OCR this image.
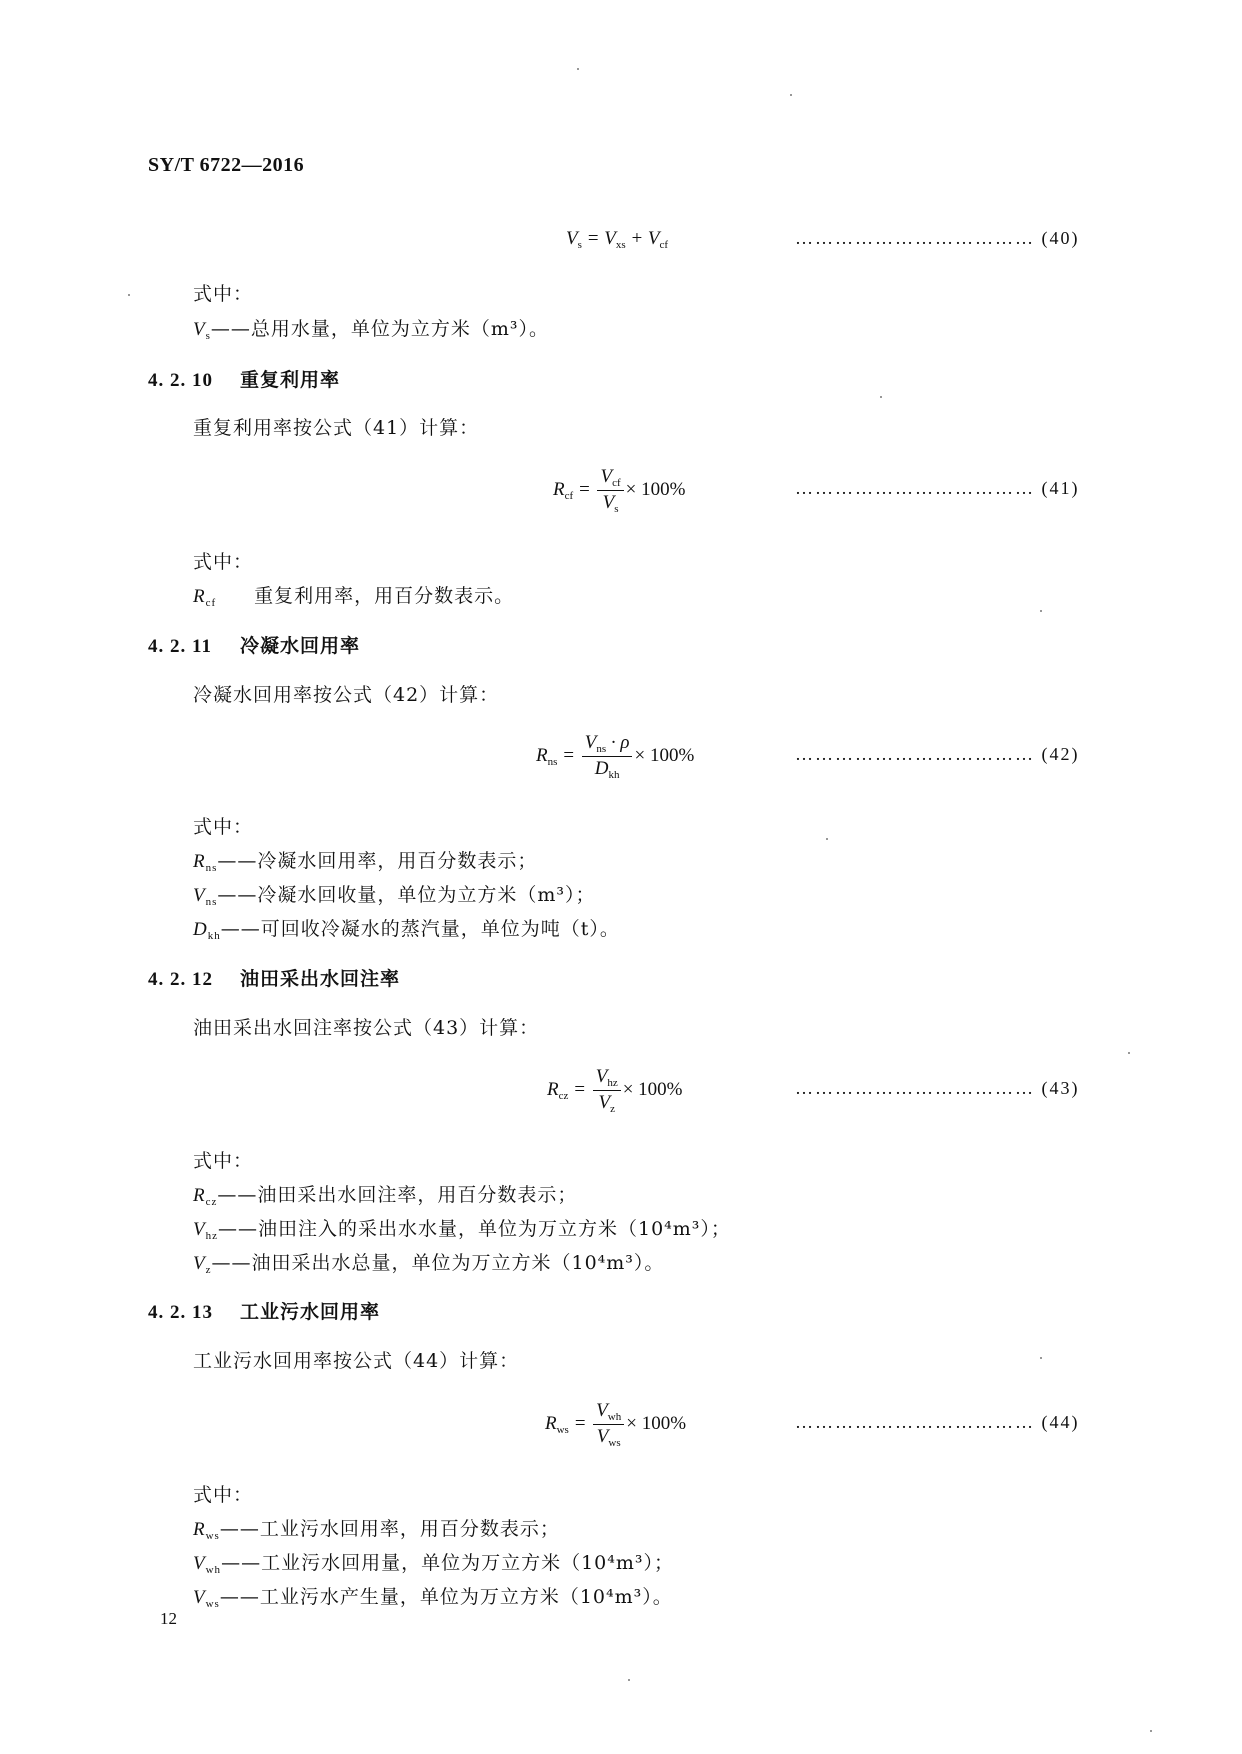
SY/T 6722—2016
$V_s = V_{xs} + V_{cf}$	……………………………… (40)
式中：
$V_s——$总用水量，单位为立方米（m³）。
4. 2. 10 重复利用率
重复利用率按公式（41）计算：
$R_{cf} = \frac{V_{cf}}{V_s} \times 100\%$	……………………………… (41)
式中：
$R_{cf}$ 重复利用率，用百分数表示。
4. 2. 11 冷凝水回用率
冷凝水回用率按公式（42）计算：
$R_{ns} = \frac{V_{ns} \cdot \rho}{D_{kh}} \times 100\%$	……………………………… (42)
式中：
$R_{ns}——$冷凝水回用率，用百分数表示；
$V_{ns}——$冷凝水回收量，单位为立方米（m³）；
$D_{kh}——$可回收冷凝水的蒸汽量，单位为吨（t）。
4. 2. 12 油田采出水回注率
油田采出水回注率按公式（43）计算：
$R_{cz} = \frac{V_{hz}}{V_z} \times 100\%$	……………………………… (43)
式中：
$R_{cz}——$油田采出水回注率，用百分数表示；
$V_{hz}——$油田注入的采出水水量，单位为万立方米（10⁴m³）；
$V_z——$油田采出水总量，单位为万立方米（10⁴m³）。
4. 2. 13 工业污水回用率
工业污水回用率按公式（44）计算：
$R_{ws} = \frac{V_{wh}}{V_{ws}} \times 100\%$	……………………………… (44)
式中：
$R_{ws}——$工业污水回用率，用百分数表示；
$V_{wh}——$工业污水回用量，单位为万立方米（10⁴m³）；
$V_{ws}——$工业污水产生量，单位为万立方米（10⁴m³）。
12
